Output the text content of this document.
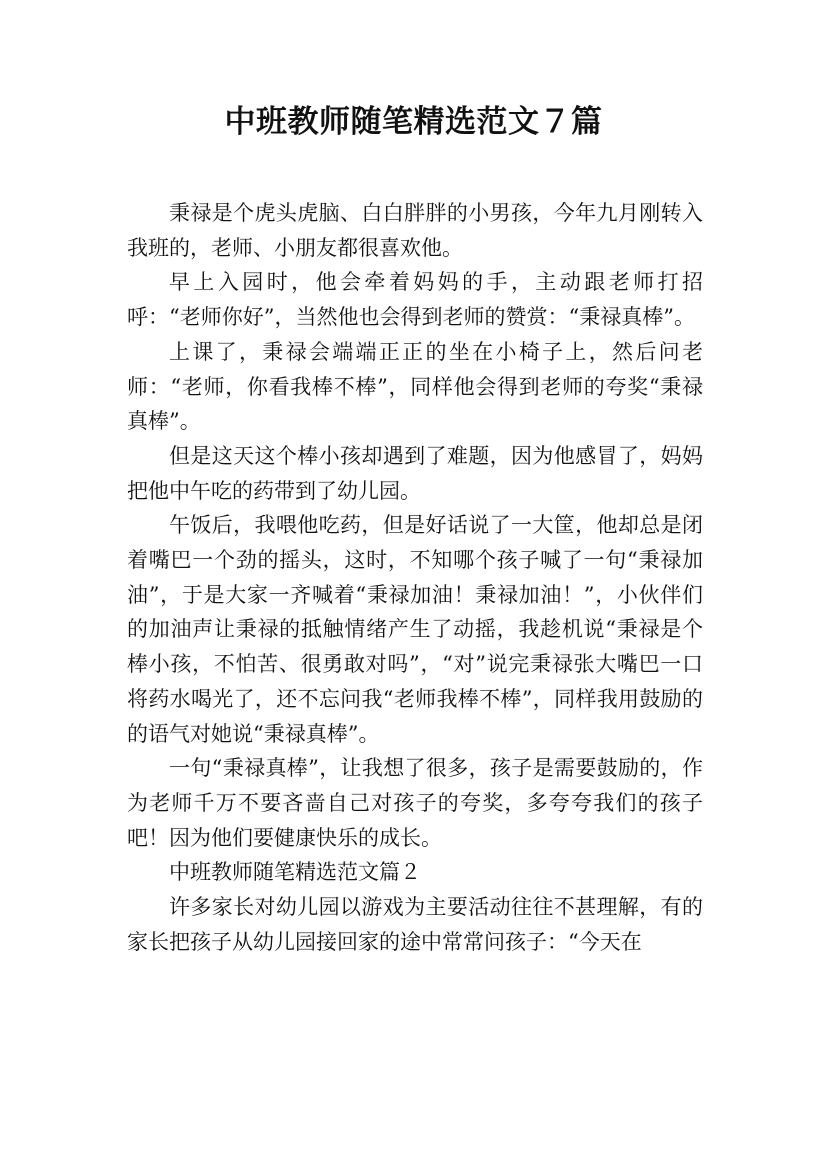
中班教师随笔精选范文７篇

秉禄是个虎头虎脑、白白胖胖的小男孩，今年九月刚转入我班的，老师、小朋友都很喜欢他。

早上入园时，他会牵着妈妈的手，主动跟老师打招呼：“老师你好”，当然他也会得到老师的赞赏：“秉禄真棒”。

上课了，秉禄会端端正正的坐在小椅子上，然后问老师：“老师，你看我棒不棒”，同样他会得到老师的夸奖“秉禄真棒”。

但是这天这个棒小孩却遇到了难题，因为他感冒了，妈妈把他中午吃的药带到了幼儿园。

午饭后，我喂他吃药，但是好话说了一大筐，他却总是闭着嘴巴一个劲的摇头，这时，不知哪个孩子喊了一句“秉禄加油”，于是大家一齐喊着“秉禄加油！秉禄加油！”，小伙伴们的加油声让秉禄的抵触情绪产生了动摇，我趁机说“秉禄是个棒小孩，不怕苦、很勇敢对吗”，“对”说完秉禄张大嘴巴一口将药水喝光了，还不忘问我“老师我棒不棒”，同样我用鼓励的的语气对她说“秉禄真棒”。

一句“秉禄真棒”，让我想了很多，孩子是需要鼓励的，作为老师千万不要吝啬自己对孩子的夸奖，多夸夸我们的孩子吧！因为他们要健康快乐的成长。

中班教师随笔精选范文篇２

许多家长对幼儿园以游戏为主要活动往往不甚理解，有的家长把孩子从幼儿园接回家的途中常常问孩子：“今天在
